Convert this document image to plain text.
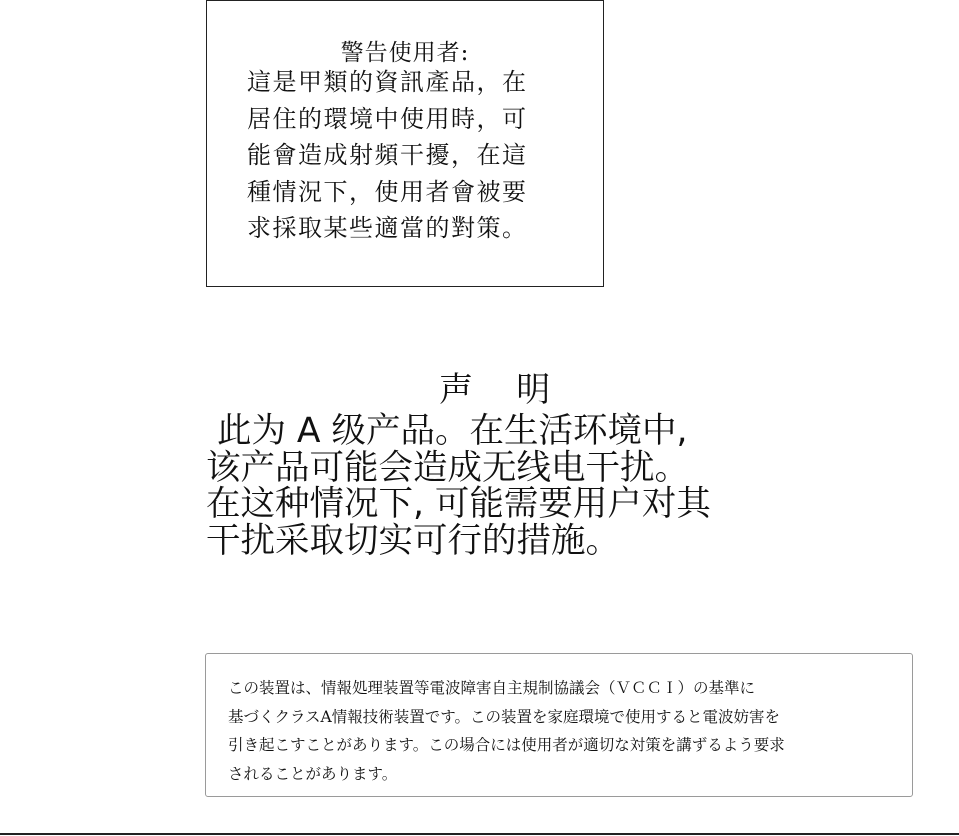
警告使用者:
這是甲類的資訊產品，在
居住的環境中使用時，可
能會造成射頻干擾，在這
種情況下，使用者會被要
求採取某些適當的對策。
声    明
此为 A 级产品。在生活环境中,
该产品可能会造成无线电干扰。
在这种情况下, 可能需要用户对其
干扰采取切实可行的措施。
この装置は、情報処理装置等電波障害自主規制協議会（ＶＣＣＩ）の基準に
基づくクラスA情報技術装置です。この装置を家庭環境で使用すると電波妨害を
引き起こすことがあります。この場合には使用者が適切な対策を講ずるよう要求
されることがあります。
